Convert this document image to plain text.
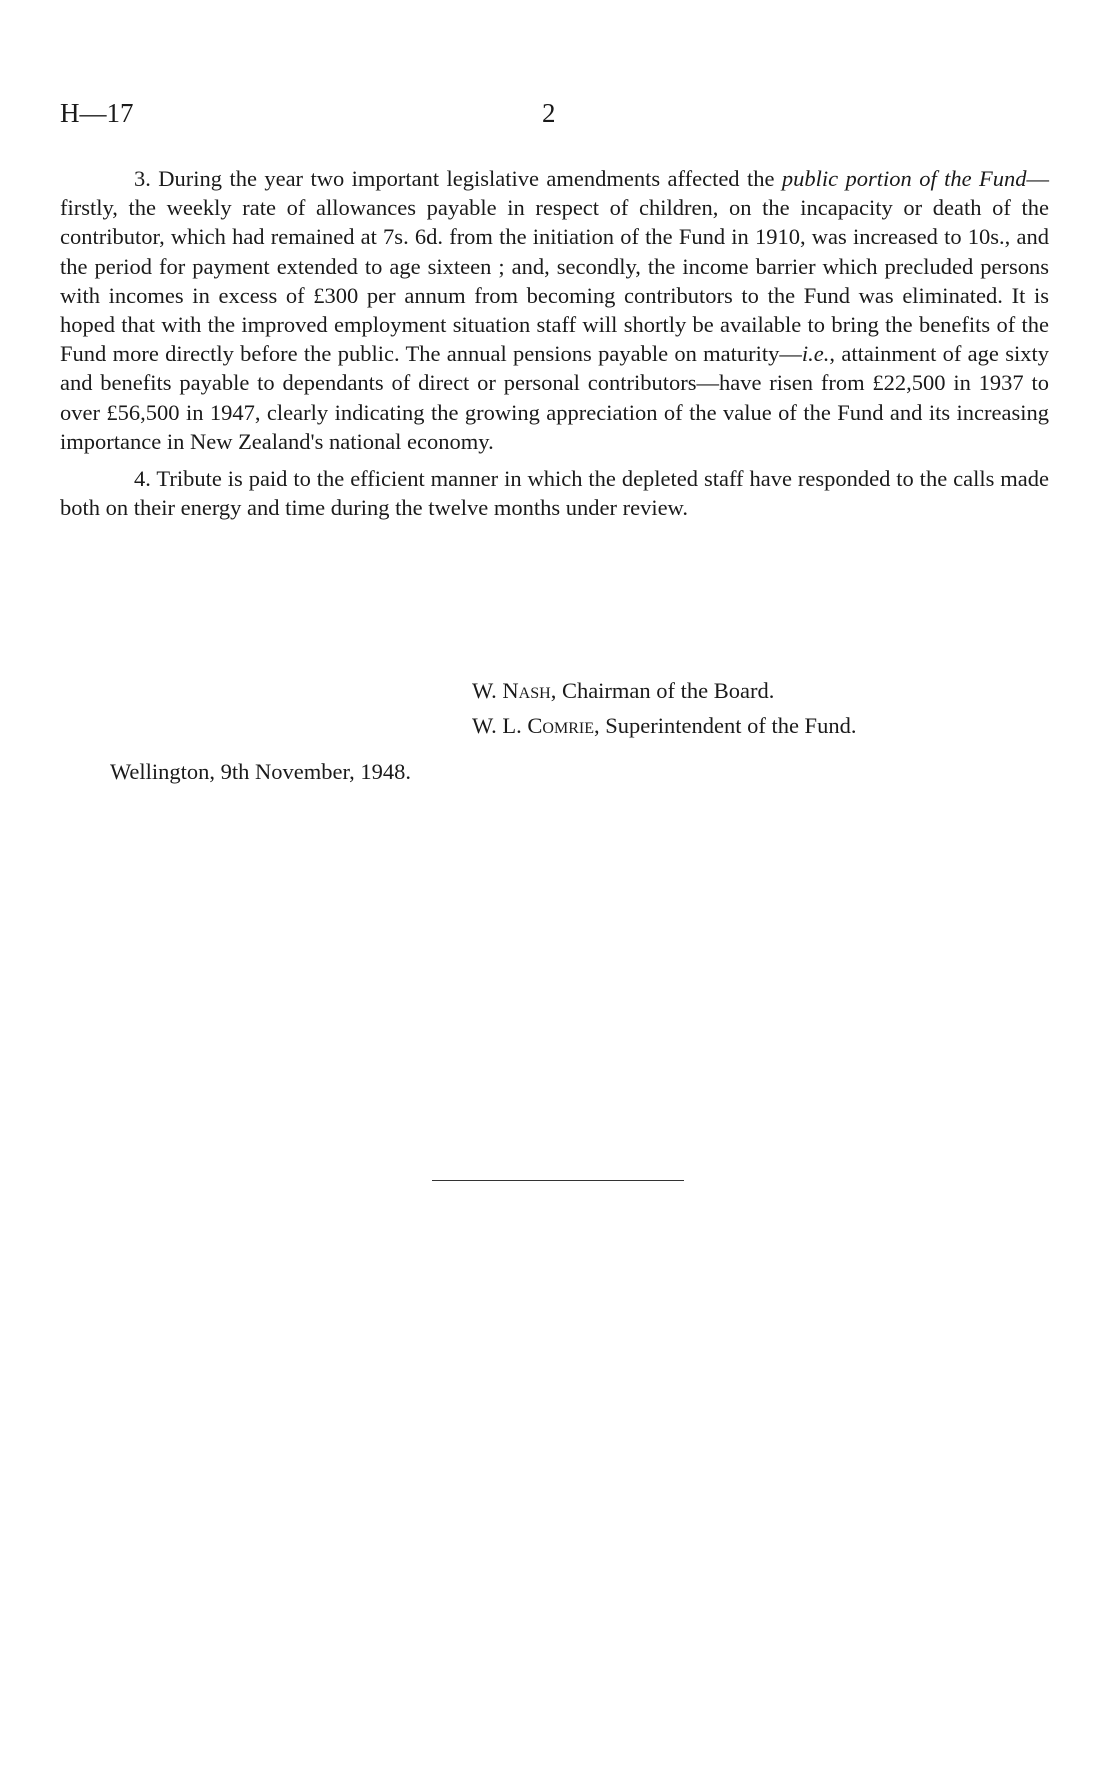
H—17	2

3. During the year two important legislative amendments affected the public portion of the Fund—firstly, the weekly rate of allowances payable in respect of children, on the incapacity or death of the contributor, which had remained at 7s. 6d. from the initiation of the Fund in 1910, was increased to 10s., and the period for payment extended to age sixteen ; and, secondly, the income barrier which precluded persons with incomes in excess of £300 per annum from becoming contributors to the Fund was eliminated. It is hoped that with the improved employment situation staff will shortly be available to bring the benefits of the Fund more directly before the public. The annual pensions payable on maturity—i.e., attainment of age sixty and benefits payable to dependants of direct or personal contributors—have risen from £22,500 in 1937 to over £56,500 in 1947, clearly indicating the growing appreciation of the value of the Fund and its increasing importance in New Zealand's national economy.

4. Tribute is paid to the efficient manner in which the depleted staff have responded to the calls made both on their energy and time during the twelve months under review.

W. Nash, Chairman of the Board.
W. L. Comrie, Superintendent of the Fund.
Wellington, 9th November, 1948.
